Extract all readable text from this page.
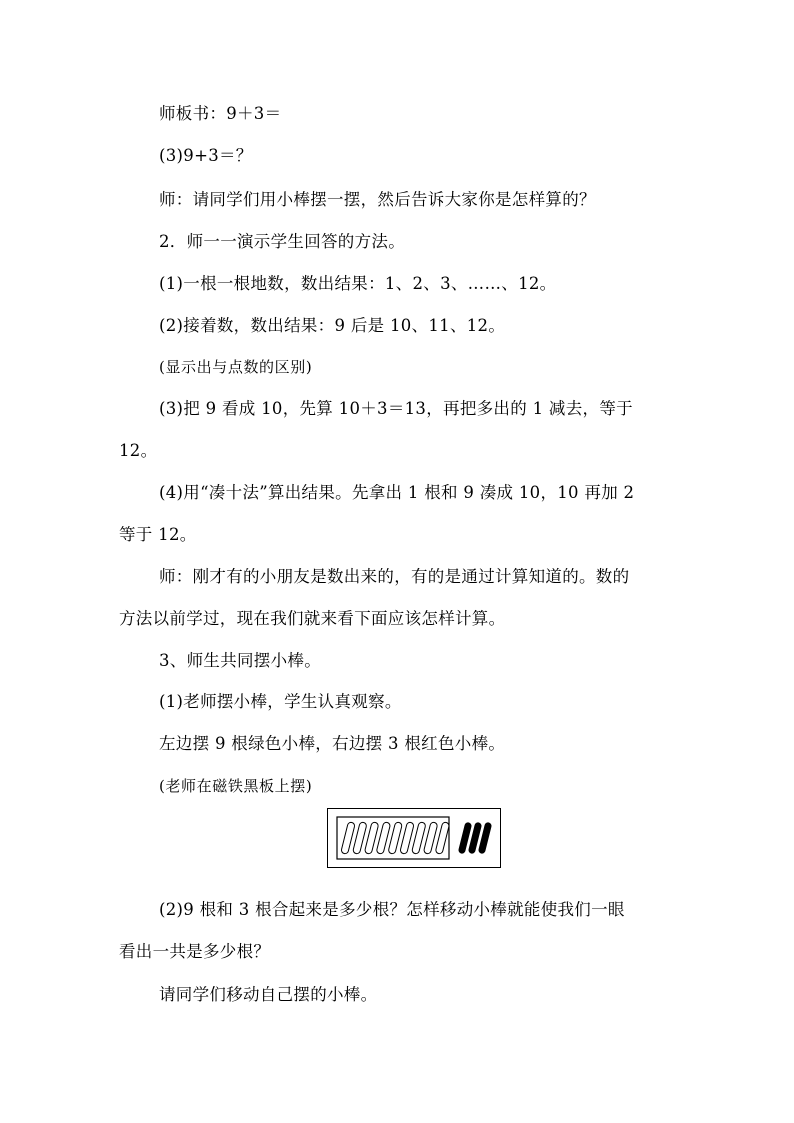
师板书：9＋3＝
(3)9+3＝？
师：请同学们用小棒摆一摆，然后告诉大家你是怎样算的？
2．师一一演示学生回答的方法。
(1)一根一根地数，数出结果：1、2、3、……、12。
(2)接着数，数出结果：9 后是 10、11、12。
(显示出与点数的区别)
(3)把 9 看成 10，先算 10＋3＝13，再把多出的 1 减去，等于
12。
(4)用“凑十法”算出结果。先拿出 1 根和 9 凑成 10，10 再加 2
等于 12。
师：刚才有的小朋友是数出来的，有的是通过计算知道的。数的
方法以前学过，现在我们就来看下面应该怎样计算。
3、师生共同摆小棒。
(1)老师摆小棒，学生认真观察。
左边摆 9 根绿色小棒，右边摆 3 根红色小棒。
(老师在磁铁黑板上摆)
(2)9 根和 3 根合起来是多少根？怎样移动小棒就能使我们一眼
看出一共是多少根？
请同学们移动自己摆的小棒。
